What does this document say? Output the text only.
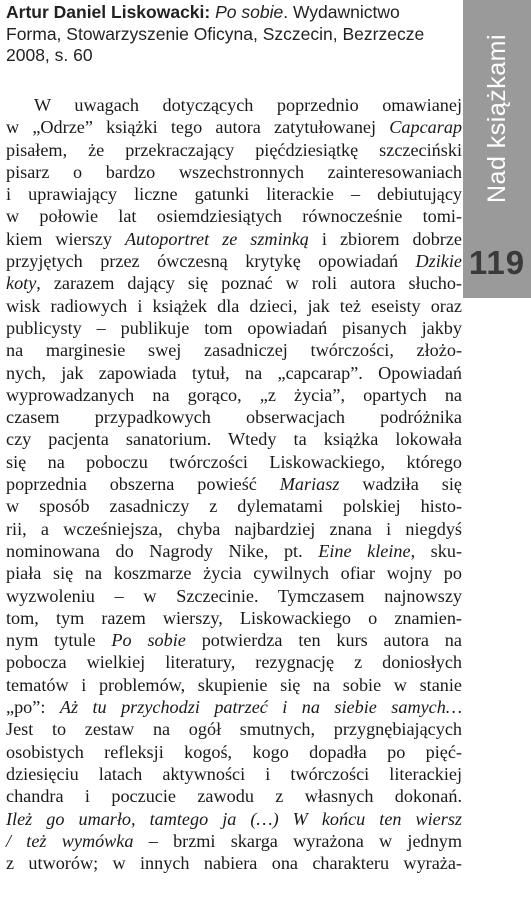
Nad książkami
119
Artur Daniel Liskowacki: Po sobie. Wydawnictwo
Forma, Stowarzyszenie Oficyna, Szczecin, Bezrzecze
2008, s. 60
W uwagach dotyczących poprzednio omawianej
w „Odrze” książki tego autora zatytułowanej Capcarap
pisałem, że przekraczający pięćdziesiątkę szczeciński
pisarz o bardzo wszechstronnych zainteresowaniach
i uprawiający liczne gatunki literackie – debiutujący
w połowie lat osiemdziesiątych równocześnie tomi-
kiem wierszy Autoportret ze szminką i zbiorem dobrze
przyjętych przez ówczesną krytykę opowiadań Dzikie
koty, zarazem dający się poznać w roli autora słucho-
wisk radiowych i książek dla dzieci, jak też eseisty oraz
publicysty – publikuje tom opowiadań pisanych jakby
na marginesie swej zasadniczej twórczości, złożo-
nych, jak zapowiada tytuł, na „capcarap”. Opowiadań
wyprowadzanych na gorąco, „z życia”, opartych na
czasem przypadkowych obserwacjach podróżnika
czy pacjenta sanatorium. Wtedy ta książka lokowała
się na poboczu twórczości Liskowackiego, którego
poprzednia obszerna powieść Mariasz wadziła się
w sposób zasadniczy z dylematami polskiej histo-
rii, a wcześniejsza, chyba najbardziej znana i niegdyś
nominowana do Nagrody Nike, pt. Eine kleine, sku-
piała się na koszmarze życia cywilnych ofiar wojny po
wyzwoleniu – w Szczecinie. Tymczasem najnowszy
tom, tym razem wierszy, Liskowackiego o znamien-
nym tytule Po sobie potwierdza ten kurs autora na
pobocza wielkiej literatury, rezygnację z doniosłych
tematów i problemów, skupienie się na sobie w stanie
„po”: Aż tu przychodzi patrzeć i na siebie samych…
Jest to zestaw na ogół smutnych, przygnębiających
osobistych refleksji kogoś, kogo dopadła po pięć-
dziesięciu latach aktywności i twórczości literackiej
chandra i poczucie zawodu z własnych dokonań.
Ileż go umarło, tamtego ja (…) W końcu ten wiersz
/ też wymówka – brzmi skarga wyrażona w jednym
z utworów; w innych nabiera ona charakteru wyraża-
